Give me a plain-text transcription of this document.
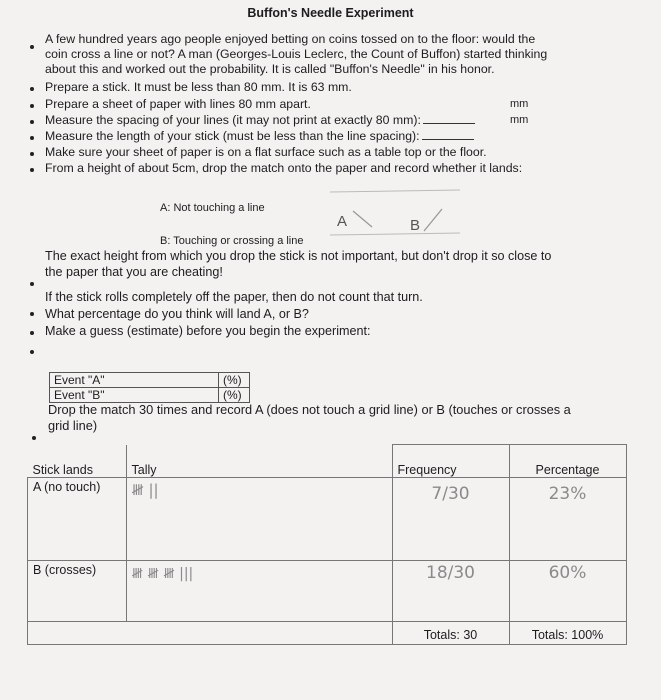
Buffon's Needle Experiment
A few hundred years ago people enjoyed betting on coins tossed on to the floor: would the
coin cross a line or not? A man (Georges-Louis Leclerc, the Count of Buffon) started thinking
about this and worked out the probability. It is called "Buffon's Needle" in his honor.
Prepare a stick. It must be less than 80 mm. It is 63 mm.
Prepare a sheet of paper with lines 80 mm apart.
Measure the spacing of your lines (it may not print at exactly 80 mm):
mm
Measure the length of your stick (must be less than the line spacing):
mm
Make sure your sheet of paper is on a flat surface such as a table top or the floor.
From a height of about 5cm, drop the match onto the paper and record whether it lands:
A: Not touching a line
B: Touching or crossing a line
A	B
The exact height from which you drop the stick is not important, but don't drop it so close to
the paper that you are cheating!
If the stick rolls completely off the paper, then do not count that turn.
What percentage do you think will land A, or B?
Make a guess (estimate) before you begin the experiment:
Event "A"	(%)
Event "B"	(%)
Drop the match 30 times and record A (does not touch a grid line) or B (touches or crosses a
grid line)
Stick lands	Tally	Frequency	Percentage
A (no touch)	𝍸 ||	7/30	23%
B (crosses)	𝍸 𝍸 𝍸 |||	18/30	60%
		Totals: 30	Totals: 100%
